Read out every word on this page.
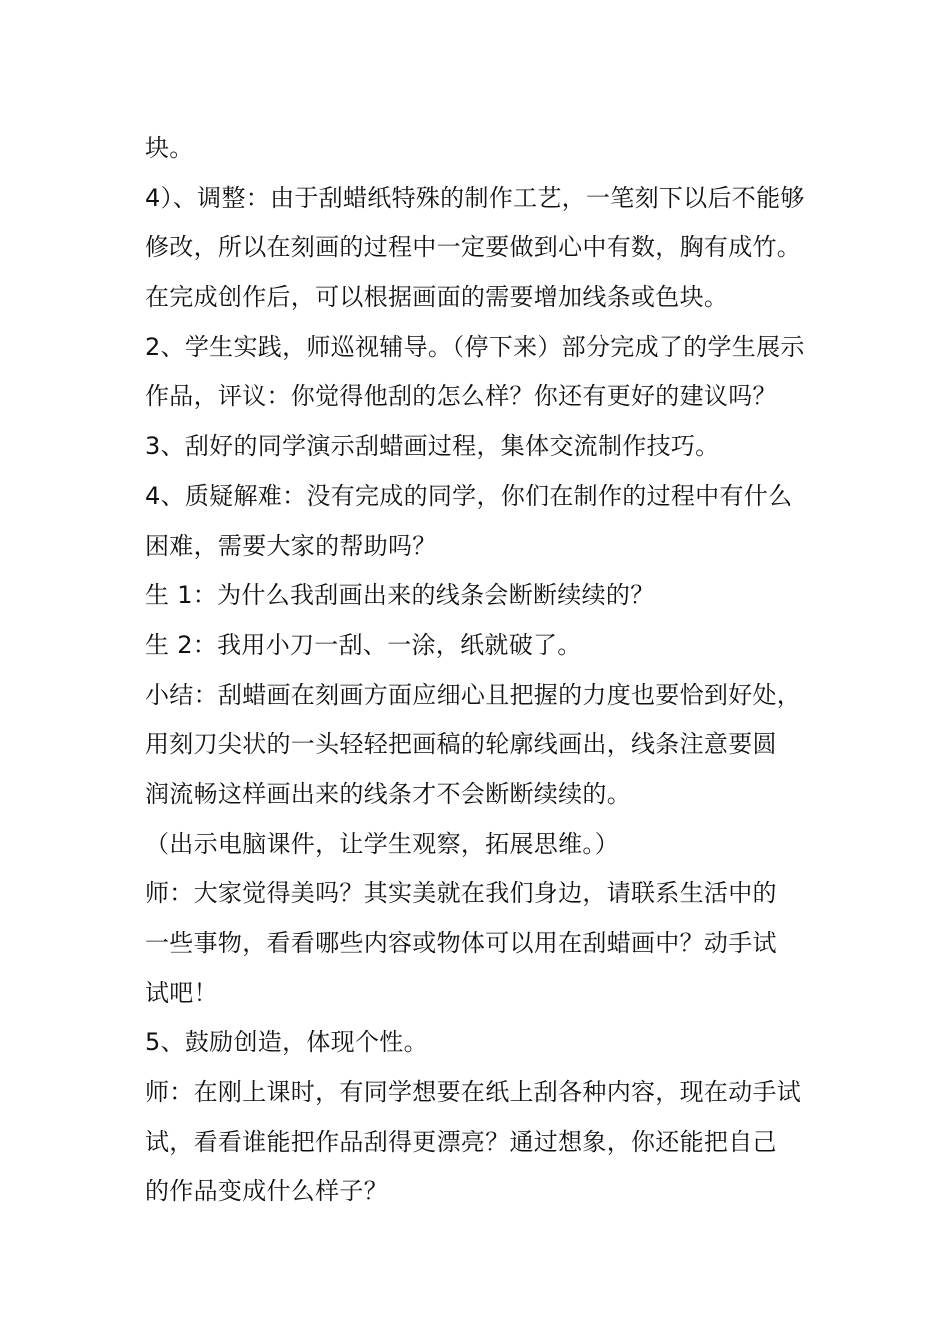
块。
4）、调整：由于刮蜡纸特殊的制作工艺，一笔刻下以后不能够
修改，所以在刻画的过程中一定要做到心中有数，胸有成竹。
在完成创作后，可以根据画面的需要增加线条或色块。
2、学生实践，师巡视辅导。（停下来）部分完成了的学生展示
作品，评议：你觉得他刮的怎么样？你还有更好的建议吗？
3、刮好的同学演示刮蜡画过程，集体交流制作技巧。
4、质疑解难：没有完成的同学，你们在制作的过程中有什么
困难，需要大家的帮助吗？
生 1：为什么我刮画出来的线条会断断续续的？
生 2：我用小刀一刮、一涂，纸就破了。
小结：刮蜡画在刻画方面应细心且把握的力度也要恰到好处，
用刻刀尖状的一头轻轻把画稿的轮廓线画出，线条注意要圆
润流畅这样画出来的线条才不会断断续续的。
（出示电脑课件，让学生观察，拓展思维。）
师：大家觉得美吗？其实美就在我们身边，请联系生活中的
一些事物，看看哪些内容或物体可以用在刮蜡画中？动手试
试吧！
5、鼓励创造，体现个性。
师：在刚上课时，有同学想要在纸上刮各种内容，现在动手试
试，看看谁能把作品刮得更漂亮？通过想象，你还能把自己
的作品变成什么样子？
